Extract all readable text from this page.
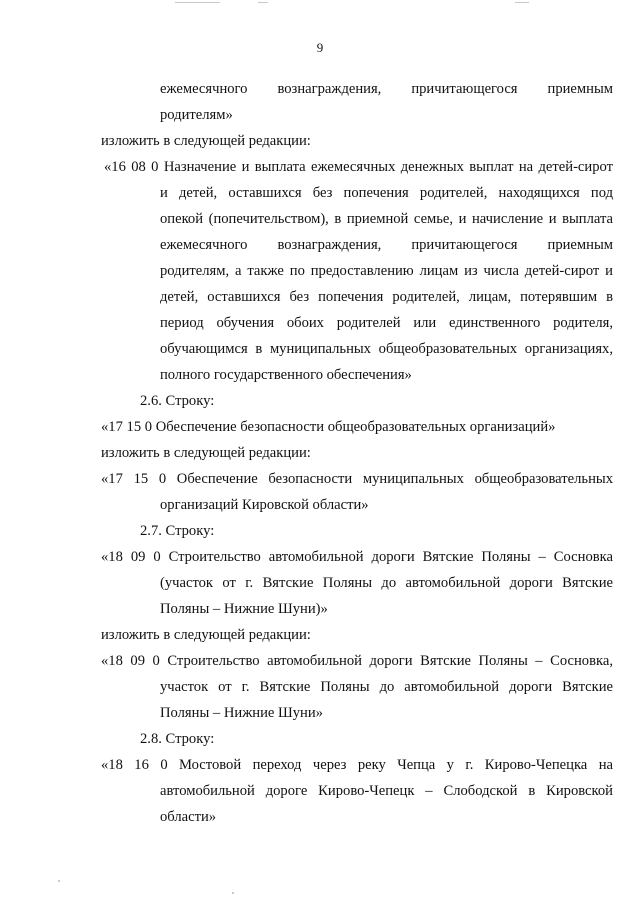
9
ежемесячного вознаграждения, причитающегося приемным
родителям»
изложить в следующей редакции:
«16 08 0 Назначение и выплата ежемесячных денежных выплат на детей-сирот
и детей, оставшихся без попечения родителей, находящихся под
опекой (попечительством), в приемной семье, и начисление и выплата
ежемесячного вознаграждения, причитающегося приемным
родителям, а также по предоставлению лицам из числа детей-сирот и
детей, оставшихся без попечения родителей, лицам, потерявшим в
период обучения обоих родителей или единственного родителя,
обучающимся в муниципальных общеобразовательных организациях,
полного государственного обеспечения»
2.6. Строку:
«17 15 0 Обеспечение безопасности общеобразовательных организаций»
изложить в следующей редакции:
«17 15 0 Обеспечение безопасности муниципальных общеобразовательных
организаций Кировской области»
2.7. Строку:
«18 09 0 Строительство автомобильной дороги Вятские Поляны – Сосновка
(участок от г. Вятские Поляны до автомобильной дороги Вятские
Поляны – Нижние Шуни)»
изложить в следующей редакции:
«18 09 0 Строительство автомобильной дороги Вятские Поляны – Сосновка,
участок от г. Вятские Поляны до автомобильной дороги Вятские
Поляны – Нижние Шуни»
2.8. Строку:
«18 16 0 Мостовой переход через реку Чепца у г. Кирово-Чепецка на
автомобильной дороге Кирово-Чепецк – Слободской в Кировской
области»
